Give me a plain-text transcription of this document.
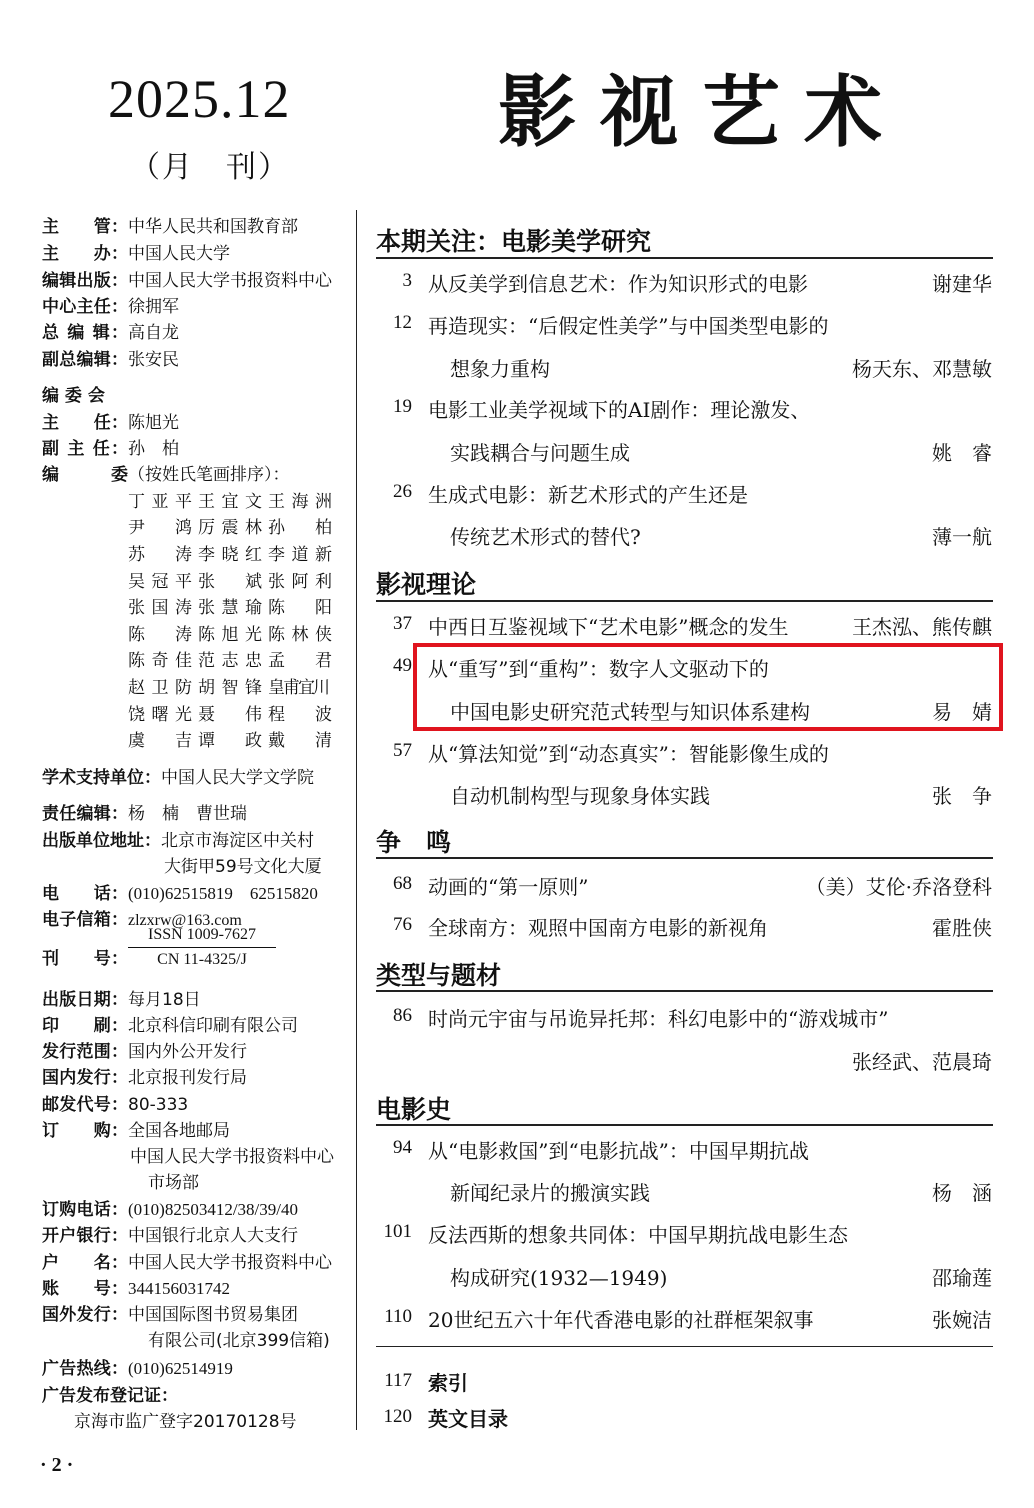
2025.12
（月　刊）
影视艺术
主　　管：中华人民共和国教育部
主　　办：中国人民大学
编辑出版：中国人民大学书报资料中心
中心主任：徐拥军
总 编 辑：高自龙
副总编辑：张安民
编 委 会
主　　任：陈旭光
副 主 任：孙　柏
编　　委（按姓氏笔画排序）：
丁亚平 王宜文 王海洲
尹　鸿 厉震林 孙　柏
苏　涛 李晓红 李道新
吴冠平 张　斌 张阿利
张国涛 张慧瑜 陈　阳
陈　涛 陈旭光 陈林侠
陈奇佳 范志忠 孟　君
赵卫防 胡智锋 皇甫宜川
饶曙光 聂　伟 程　波
虞　吉 谭　政 戴　清
学术支持单位：中国人民大学文学院
责任编辑：杨　楠　曹世瑞
出版单位地址：北京市海淀区中关村
大街甲59号文化大厦
电　　话：(010)62515819　62515820
电子信箱：zlzxrw@163.com
刊　　号：
ISSN 1009-7627
CN 11-4325/J
出版日期：每月18日
印　　刷：北京科信印刷有限公司
发行范围：国内外公开发行
国内发行：北京报刊发行局
邮发代号：80-333
订　　购：全国各地邮局
中国人民大学书报资料中心
市场部
订购电话：(010)82503412/38/39/40
开户银行：中国银行北京人大支行
户　　名：中国人民大学书报资料中心
账　　号：344156031742
国外发行：中国国际图书贸易集团
有限公司(北京399信箱)
广告热线：(010)62514919
广告发布登记证：
京海市监广登字20170128号
本期关注：电影美学研究
3 从反美学到信息艺术：作为知识形式的电影	谢建华
12 再造现实：“后假定性美学”与中国类型电影的
想象力重构	杨天东、邓慧敏
19 电影工业美学视域下的AI剧作：理论激发、
实践耦合与问题生成	姚　睿
26 生成式电影：新艺术形式的产生还是
传统艺术形式的替代?	薄一航
影视理论
37 中西日互鉴视域下“艺术电影”概念的发生	王杰泓、熊传麒
49 从“重写”到“重构”：数字人文驱动下的
中国电影史研究范式转型与知识体系建构	易　婧
57 从“算法知觉”到“动态真实”：智能影像生成的
自动机制构型与现象身体实践	张　争
争　鸣
68 动画的“第一原则”	（美）艾伦·乔洛登科
76 全球南方：观照中国南方电影的新视角	霍胜侠
类型与题材
86 时尚元宇宙与吊诡异托邦：科幻电影中的“游戏城市”
张经武、范晨琦
电影史
94 从“电影救国”到“电影抗战”：中国早期抗战
新闻纪录片的搬演实践	杨　涵
101 反法西斯的想象共同体：中国早期抗战电影生态
构成研究(1932—1949)	邵瑜莲
110 20世纪五六十年代香港电影的社群框架叙事	张婉洁
117 索引
120 英文目录
· 2 ·
